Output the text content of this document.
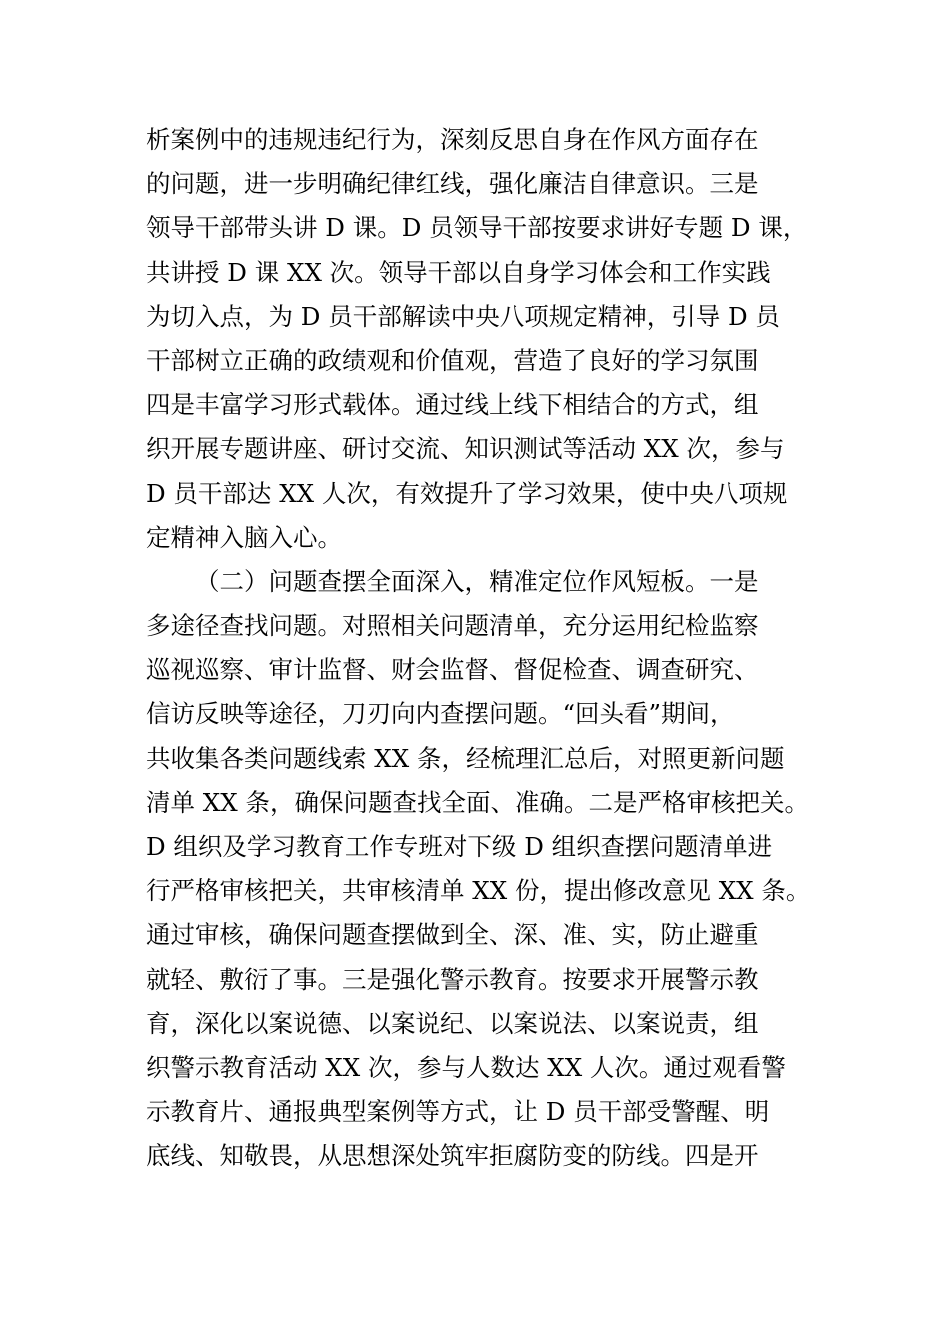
析案例中的违规违纪行为，深刻反思自身在作风方面存在
的问题，进一步明确纪律红线，强化廉洁自律意识。三是
领导干部带头讲 D 课。D 员领导干部按要求讲好专题 D 课，
共讲授 D 课 XX 次。领导干部以自身学习体会和工作实践
为切入点，为 D 员干部解读中央八项规定精神，引导 D 员
干部树立正确的政绩观和价值观，营造了良好的学习氛围
四是丰富学习形式载体。通过线上线下相结合的方式，组
织开展专题讲座、研讨交流、知识测试等活动 XX 次，参与
D 员干部达 XX 人次，有效提升了学习效果，使中央八项规
定精神入脑入心。
（二）问题查摆全面深入，精准定位作风短板。一是
多途径查找问题。对照相关问题清单，充分运用纪检监察
巡视巡察、审计监督、财会监督、督促检查、调查研究、
信访反映等途径，刀刃向内查摆问题。“回头看”期间，
共收集各类问题线索 XX 条，经梳理汇总后，对照更新问题
清单 XX 条，确保问题查找全面、准确。二是严格审核把关。
D 组织及学习教育工作专班对下级 D 组织查摆问题清单进
行严格审核把关，共审核清单 XX 份，提出修改意见 XX 条。
通过审核，确保问题查摆做到全、深、准、实，防止避重
就轻、敷衍了事。三是强化警示教育。按要求开展警示教
育，深化以案说德、以案说纪、以案说法、以案说责，组
织警示教育活动 XX 次，参与人数达 XX 人次。通过观看警
示教育片、通报典型案例等方式，让 D 员干部受警醒、明
底线、知敬畏，从思想深处筑牢拒腐防变的防线。四是开
